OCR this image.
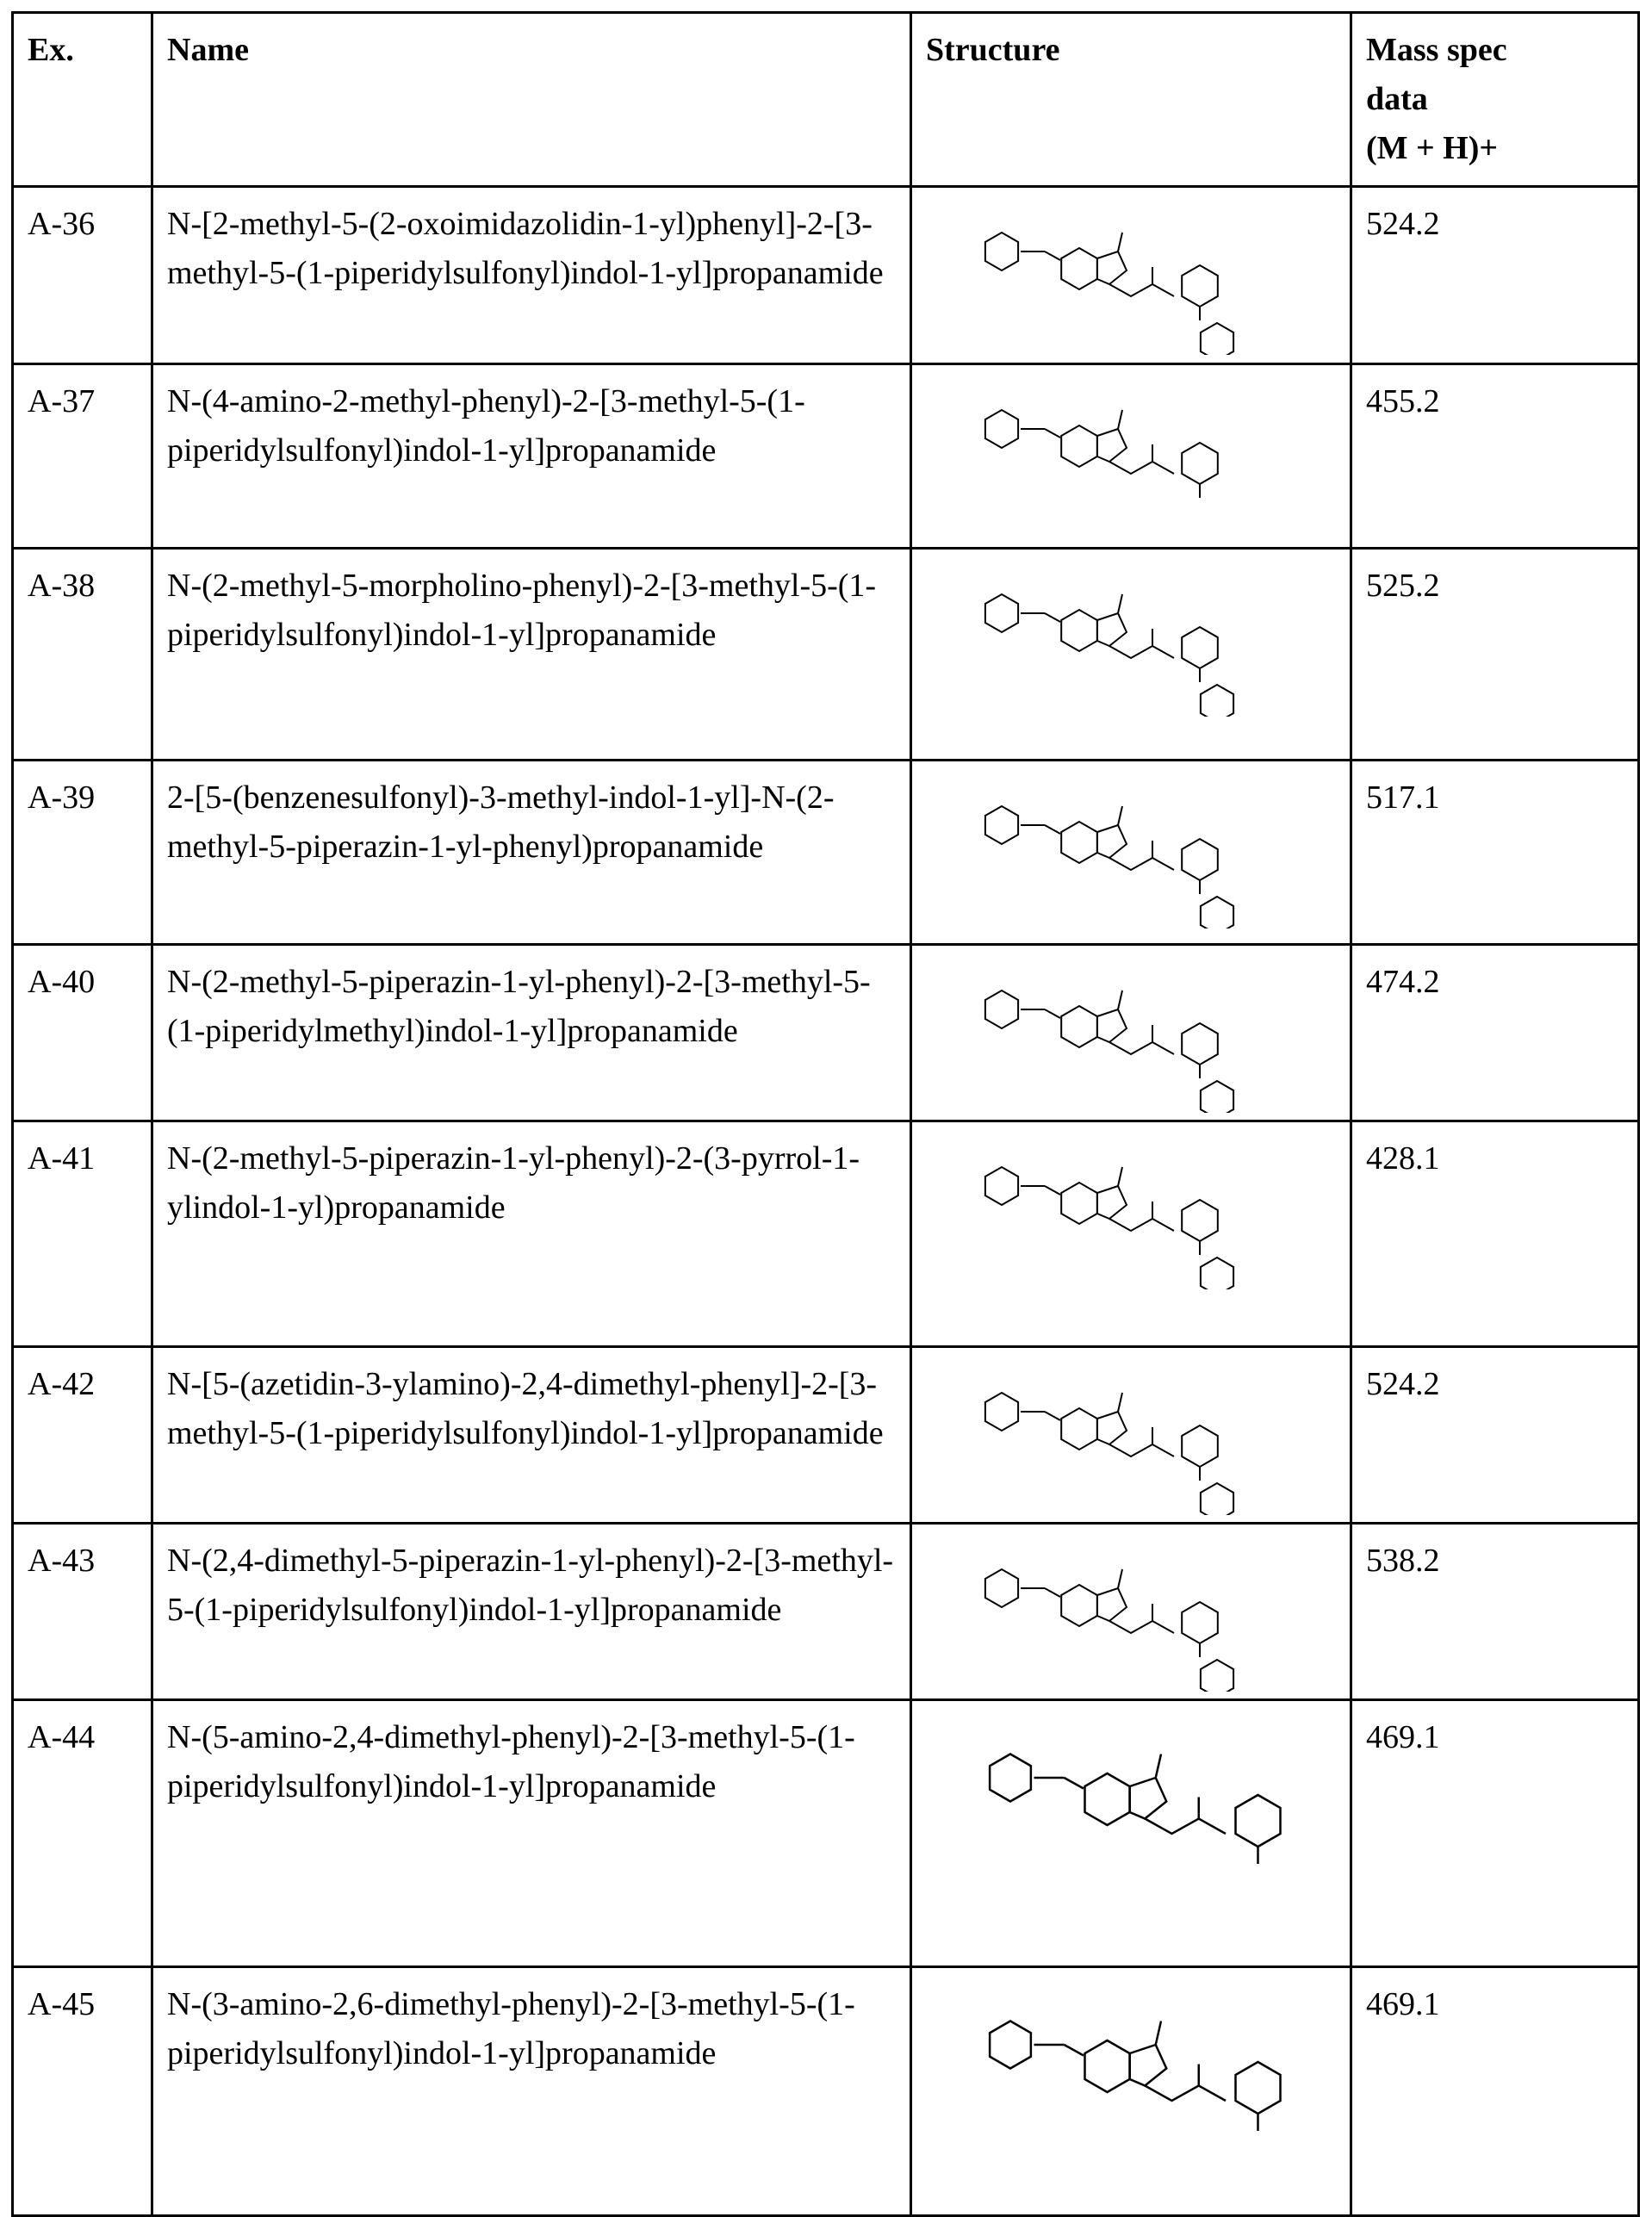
Ex.	Name	Structure	Mass spec
data
(M + H)+

A-36	N-[2-methyl-5-(2-oxoimidazolidin-1-yl)phenyl]-2-[3-methyl-5-(1-piperidylsulfonyl)indol-1-yl]propanamide	
	524.2
A-37	N-(4-amino-2-methyl-phenyl)-2-[3-methyl-5-(1-piperidylsulfonyl)indol-1-yl]propanamide	
	455.2
A-38	N-(2-methyl-5-morpholino-phenyl)-2-[3-methyl-5-(1-piperidylsulfonyl)indol-1-yl]propanamide	
	525.2
A-39	2-[5-(benzenesulfonyl)-3-methyl-indol-1-yl]-N-(2-methyl-5-piperazin-1-yl-phenyl)propanamide	
	517.1
A-40	N-(2-methyl-5-piperazin-1-yl-phenyl)-2-[3-methyl-5-(1-piperidylmethyl)indol-1-yl]propanamide	
	474.2
A-41	N-(2-methyl-5-piperazin-1-yl-phenyl)-2-(3-pyrrol-1-ylindol-1-yl)propanamide	
	428.1
A-42	N-[5-(azetidin-3-ylamino)-2,4-dimethyl-phenyl]-2-[3-methyl-5-(1-piperidylsulfonyl)indol-1-yl]propanamide	
	524.2
A-43	N-(2,4-dimethyl-5-piperazin-1-yl-phenyl)-2-[3-methyl-5-(1-piperidylsulfonyl)indol-1-yl]propanamide	
	538.2
A-44	N-(5-amino-2,4-dimethyl-phenyl)-2-[3-methyl-5-(1-piperidylsulfonyl)indol-1-yl]propanamide	
	469.1
A-45	N-(3-amino-2,6-dimethyl-phenyl)-2-[3-methyl-5-(1-piperidylsulfonyl)indol-1-yl]propanamide	
	469.1
